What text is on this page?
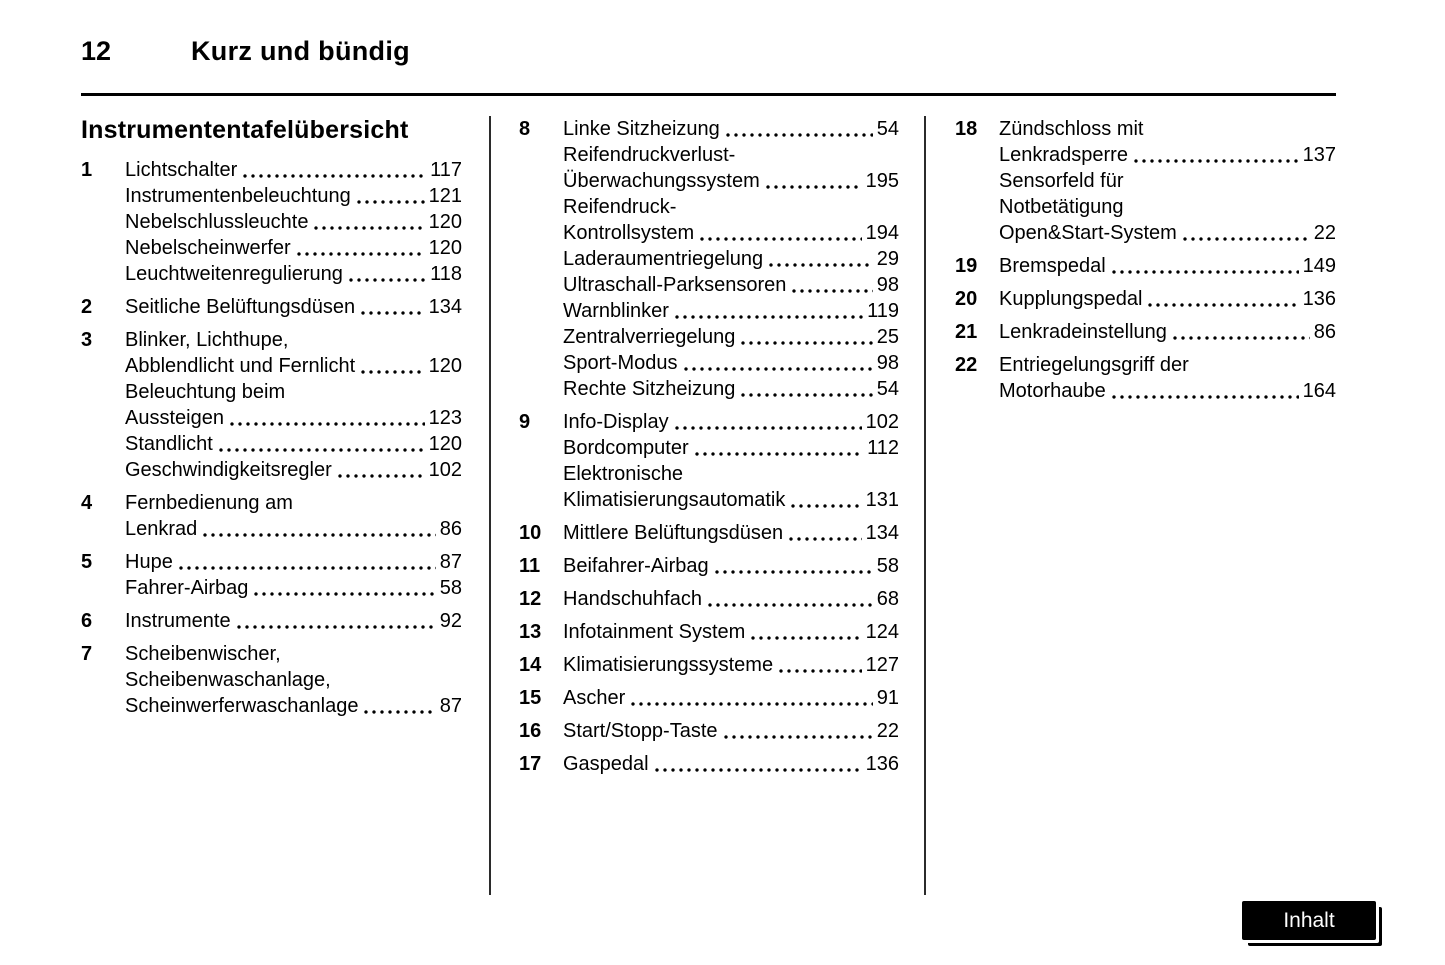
12	Kurz und bündig
Instrumententafelübersicht
1	Lichtschalter	117
Instrumentenbeleuchtung	121
Nebelschlussleuchte	120
Nebelscheinwerfer	120
Leuchtweitenregulierung	118
2	Seitliche Belüftungsdüsen	134
3	Blinker, Lichthupe,
Abblendlicht und Fernlicht	120
Beleuchtung beim
Aussteigen	123
Standlicht	120
Geschwindigkeitsregler	102
4	Fernbedienung am
Lenkrad	86
5	Hupe	87
Fahrer-Airbag	58
6	Instrumente	92
7	Scheibenwischer,
Scheibenwaschanlage,
Scheinwerferwaschanlage	87
8	Linke Sitzheizung	54
Reifendruckverlust-
Überwachungssystem	195
Reifendruck-
Kontrollsystem	194
Laderaumentriegelung	29
Ultraschall-Parksensoren	98
Warnblinker	119
Zentralverriegelung	25
Sport-Modus	98
Rechte Sitzheizung	54
9	Info-Display	102
Bordcomputer	112
Elektronische
Klimatisierungsautomatik	131
10	Mittlere Belüftungsdüsen	134
11	Beifahrer-Airbag	58
12	Handschuhfach	68
13	Infotainment System	124
14	Klimatisierungssysteme	127
15	Ascher	91
16	Start/Stopp-Taste	22
17	Gaspedal	136
18	Zündschloss mit
Lenkradsperre	137
Sensorfeld für
Notbetätigung
Open&Start-System	22
19	Bremspedal	149
20	Kupplungspedal	136
21	Lenkradeinstellung	86
22	Entriegelungsgriff der
Motorhaube	164
Inhalt
